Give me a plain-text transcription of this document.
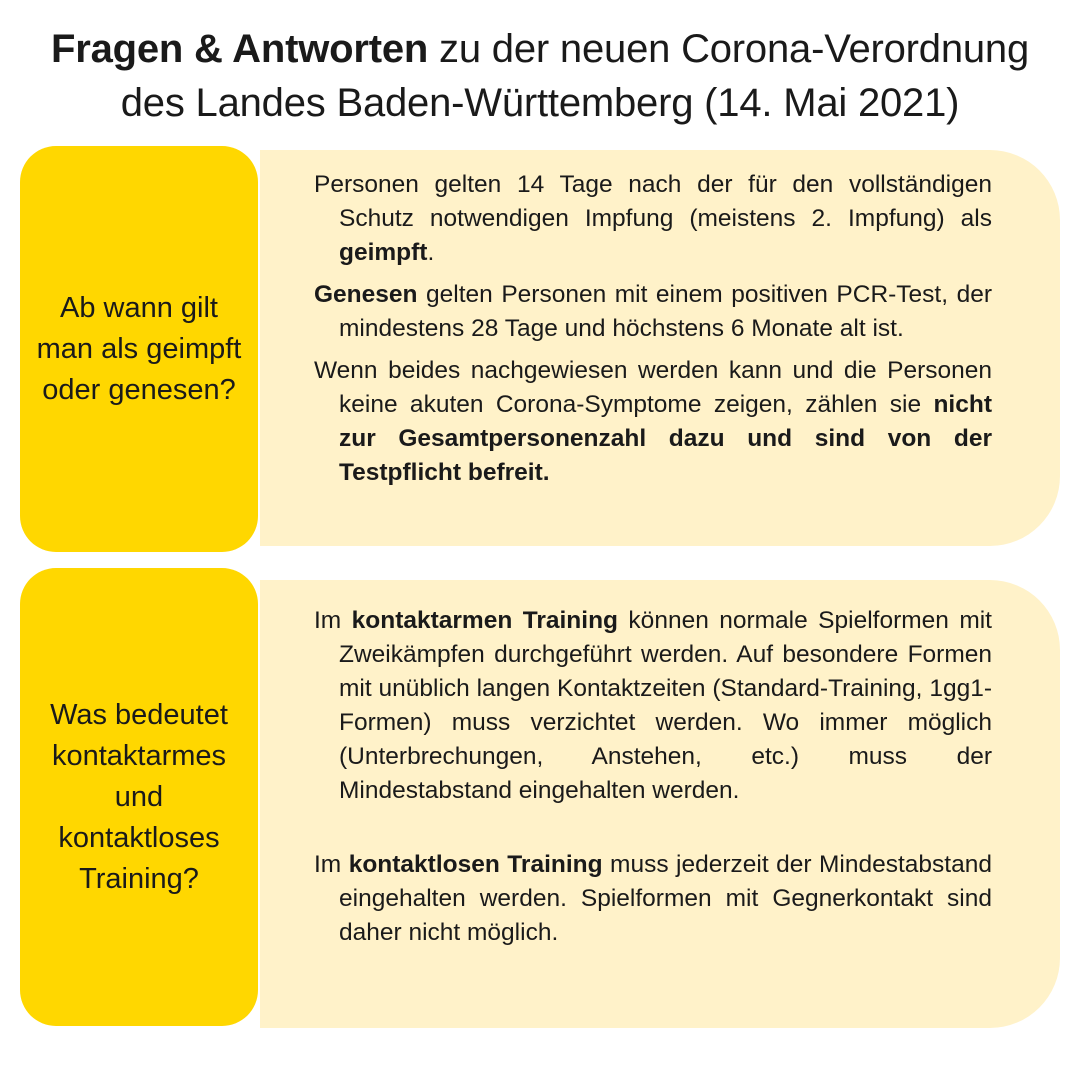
Fragen & Antworten zu der neuen Corona-Verordnung des Landes Baden-Württemberg (14. Mai 2021)
Ab wann gilt man als geimpft oder genesen?

Personen gelten 14 Tage nach der für den vollständigen Schutz notwendigen Impfung (meistens 2. Impfung) als geimpft.

Genesen gelten Personen mit einem positiven PCR-Test, der mindestens 28 Tage und höchstens 6 Monate alt ist.

Wenn beides nachgewiesen werden kann und die Personen keine akuten Corona-Symptome zeigen, zählen sie nicht zur Gesamtpersonenzahl dazu und sind von der Testpflicht befreit.

Was bedeutet kontaktarmes und kontaktloses Training?

Im kontaktarmen Training können normale Spielformen mit Zweikämpfen durchgeführt werden. Auf besondere Formen mit unüblich langen Kontaktzeiten (Standard-Training, 1gg1-Formen) muss verzichtet werden. Wo immer möglich (Unterbrechungen, Anstehen, etc.) muss der Mindestabstand eingehalten werden.

Im kontaktlosen Training muss jederzeit der Mindestabstand eingehalten werden. Spielformen mit Gegnerkontakt sind daher nicht möglich.
